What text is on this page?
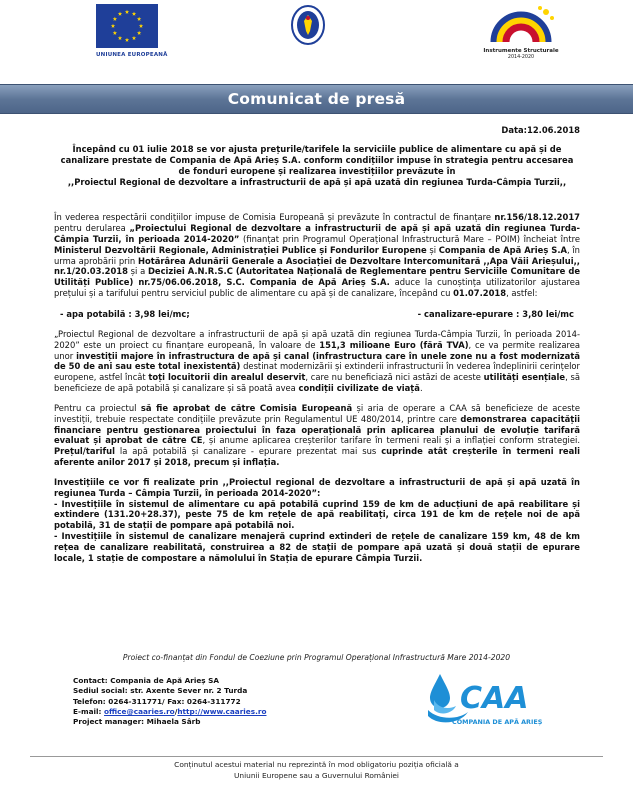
UNIUNEA EUROPEANĂ
Instrumente Structurale
2014-2020
Comunicat de presă
Data:12.06.2018
Începând cu 01 iulie 2018 se vor ajusta prețurile/tarifele la serviciile publice de alimentare cu apă și de canalizare prestate de Compania de Apă Arieș S.A. conform condițiilor impuse în strategia pentru accesarea de fonduri europene și realizarea investițiilor prevăzute în
,,Proiectul Regional de dezvoltare a infrastructurii de apă și apă uzată din regiunea Turda-Câmpia Turzii,,
În vederea respectării condițiilor impuse de Comisia Europeană și prevăzute în contractul de finanțare nr.156/18.12.2017 pentru derularea „Proiectului Regional de dezvoltare a infrastructurii de apă și apă uzată din regiunea Turda-Câmpia Turzii, în perioada 2014-2020” (finanțat prin Programul Operațional Infrastructură Mare – POIM) încheiat între Ministerul Dezvoltării Regionale, Administrației Publice și Fondurilor Europene și Compania de Apă Arieș S.A, în urma aprobării prin Hotărârea Adunării Generale a Asociației de Dezvoltare Intercomunitară ,,Apa Văii Arieșului,, nr.1/20.03.2018 și a Deciziei A.N.R.S.C (Autoritatea Națională de Reglementare pentru Serviciile Comunitare de Utilități Publice) nr.75/06.06.2018, S.C. Compania de Apă Arieș S.A. aduce la cunoștința utilizatorilor ajustarea prețului și a tarifului pentru serviciul public de alimentare cu apă și de canalizare, începând cu 01.07.2018, astfel:
- apa potabilă : 3,98 lei/mc;	- canalizare-epurare : 3,80 lei/mc
„Proiectul Regional de dezvoltare a infrastructurii de apă și apă uzată din regiunea Turda-Câmpia Turzii, în perioada 2014-2020” este un proiect cu finanțare europeană, în valoare de 151,3 milioane Euro (fără TVA), ce va permite realizarea unor investiții majore în infrastructura de apă și canal (infrastructura care în unele zone nu a fost modernizată de 50 de ani sau este total inexistentă) destinat modernizării și extinderii infrastructurii în vederea îndeplinirii cerințelor europene, astfel încât toți locuitorii din arealul deservit, care nu beneficiază nici astăzi de aceste utilități esențiale, să beneficieze de apă potabilă și canalizare și să poată avea condiții civilizate de viață.
Pentru ca proiectul să fie aprobat de către Comisia Europeană și aria de operare a CAA să beneficieze de aceste investiții, trebuie respectate condițiile prevăzute prin Regulamentul UE 480/2014, printre care demonstrarea capacității financiare pentru gestionarea proiectului în faza operațională prin aplicarea planului de evoluție tarifară evaluat și aprobat de către CE, și anume aplicarea creșterilor tarifare în termeni reali și a inflației conform strategiei. Prețul/tariful la apă potabilă și canalizare - epurare prezentat mai sus cuprinde atât creșterile în termeni reali aferente anilor 2017 și 2018, precum și inflația.
Investițiile ce vor fi realizate prin ,,Proiectul regional de dezvoltare a infrastructurii de apă și apă uzată în regiunea Turda – Câmpia Turzii, în perioada 2014-2020”:
- Investițiile în sistemul de alimentare cu apă potabilă cuprind 159 de km de aducțiuni de apă reabilitare și extindere (131.20+28.37), peste 75 de km rețele de apă reabilitați, circa 191 de km de rețele noi de apă potabilă, 31 de stații de pompare apă potabilă noi.
- Investițiile în sistemul de canalizare menajeră cuprind extinderi de rețele de canalizare 159 km, 48 de km rețea de canalizare reabilitată, construirea a 82 de stații de pompare apă uzată și două stații de epurare locale, 1 stație de compostare a nămolului în Stația de epurare Câmpia Turzii.
Proiect co-finanțat din Fondul de Coeziune prin Programul Operațional Infrastructură Mare 2014-2020
Contact: Compania de Apă Arieș SA
Sediul social: str. Axente Sever nr. 2 Turda
Telefon: 0264-311771/ Fax: 0264-311772
E-mail: office@caaries.ro/http://www.caaries.ro
Project manager: Mihaela Sârb
CAA
COMPANIA DE APĂ ARIEȘ
Conținutul acestui material nu reprezintă în mod obligatoriu poziția oficială a
Uniunii Europene sau a Guvernului României
